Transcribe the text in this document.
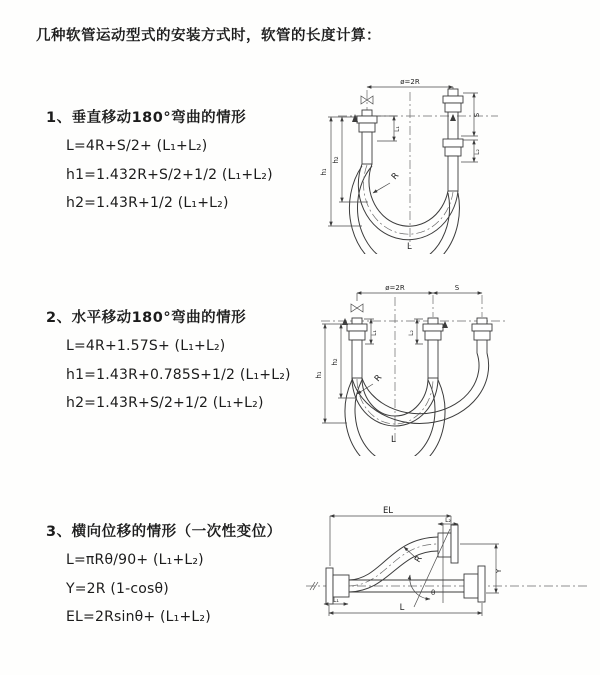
几种软管运动型式的安装方式时，软管的长度计算：
1、垂直移动180°弯曲的情形
L=4R+S/2+ (L₁+L₂)
h1=1.432R+S/2+1/2 (L₁+L₂)
h2=1.43R+1/2 (L₁+L₂)
2、水平移动180°弯曲的情形
L=4R+1.57S+ (L₁+L₂)
h1=1.43R+0.785S+1/2 (L₁+L₂)
h2=1.43R+S/2+1/2 (L₁+L₂)
3、横向位移的情形（一次性变位）
L=πRθ/90+ (L₁+L₂)
Y=2R (1-cosθ)
EL=2Rsinθ+ (L₁+L₂)
ø=2R
h₁
h₂
S
L₂
L₁
R
L
ø=2R	S
h₁
h₂
L₁	L₂
R
L
θ
EL
L₂
Y
L
L₁
R
